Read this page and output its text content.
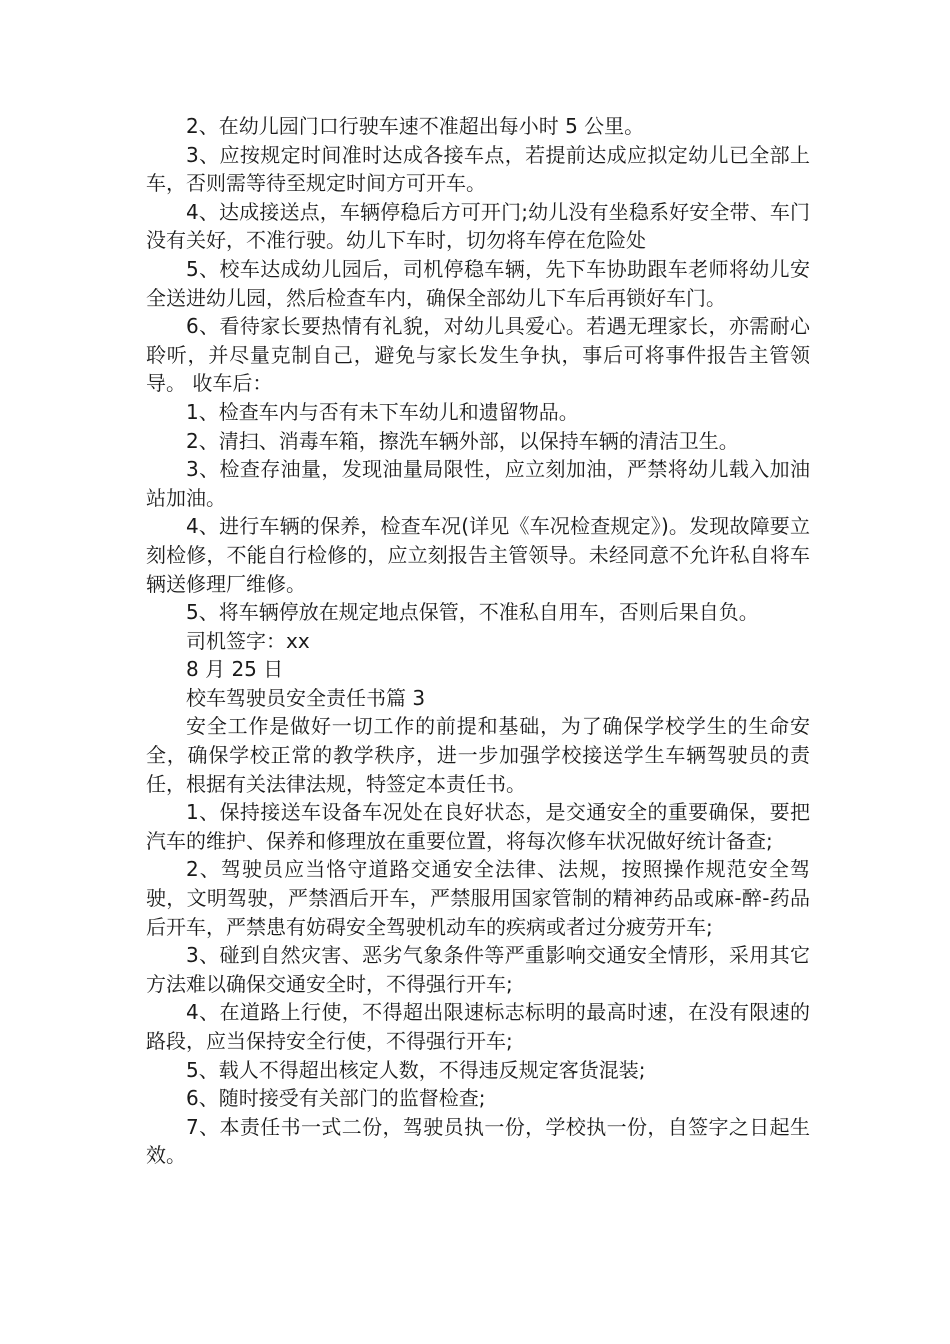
2、在幼儿园门口行驶车速不准超出每小时 5 公里。

3、应按规定时间准时达成各接车点，若提前达成应拟定幼儿已全部上车，否则需等待至规定时间方可开车。

4、达成接送点，车辆停稳后方可开门;幼儿没有坐稳系好安全带、车门没有关好，不准行驶。幼儿下车时，切勿将车停在危险处

5、校车达成幼儿园后，司机停稳车辆，先下车协助跟车老师将幼儿安全送进幼儿园，然后检查车内，确保全部幼儿下车后再锁好车门。

6、看待家长要热情有礼貌，对幼儿具爱心。若遇无理家长，亦需耐心聆听，并尽量克制自己，避免与家长发生争执，事后可将事件报告主管领导。 收车后：

1、检查车内与否有未下车幼儿和遗留物品。

2、清扫、消毒车箱，擦洗车辆外部，以保持车辆的清洁卫生。

3、检查存油量，发现油量局限性，应立刻加油，严禁将幼儿载入加油站加油。

4、进行车辆的保养，检查车况(详见《车况检查规定》)。发现故障要立刻检修，不能自行检修的，应立刻报告主管领导。未经同意不允许私自将车辆送修理厂维修。

5、将车辆停放在规定地点保管，不准私自用车，否则后果自负。

司机签字：xx

8 月 25 日

校车驾驶员安全责任书篇 3

安全工作是做好一切工作的前提和基础，为了确保学校学生的生命安全，确保学校正常的教学秩序，进一步加强学校接送学生车辆驾驶员的责任，根据有关法律法规，特签定本责任书。

1、保持接送车设备车况处在良好状态，是交通安全的重要确保，要把汽车的维护、保养和修理放在重要位置，将每次修车状况做好统计备查;

2、驾驶员应当恪守道路交通安全法律、法规，按照操作规范安全驾驶，文明驾驶，严禁酒后开车，严禁服用国家管制的精神药品或麻-醉-药品后开车，严禁患有妨碍安全驾驶机动车的疾病或者过分疲劳开车;

3、碰到自然灾害、恶劣气象条件等严重影响交通安全情形，采用其它方法难以确保交通安全时，不得强行开车;

4、在道路上行使，不得超出限速标志标明的最高时速，在没有限速的路段，应当保持安全行使，不得强行开车;

5、载人不得超出核定人数，不得违反规定客货混装;

6、随时接受有关部门的监督检查;

7、本责任书一式二份，驾驶员执一份，学校执一份，自签字之日起生效。
